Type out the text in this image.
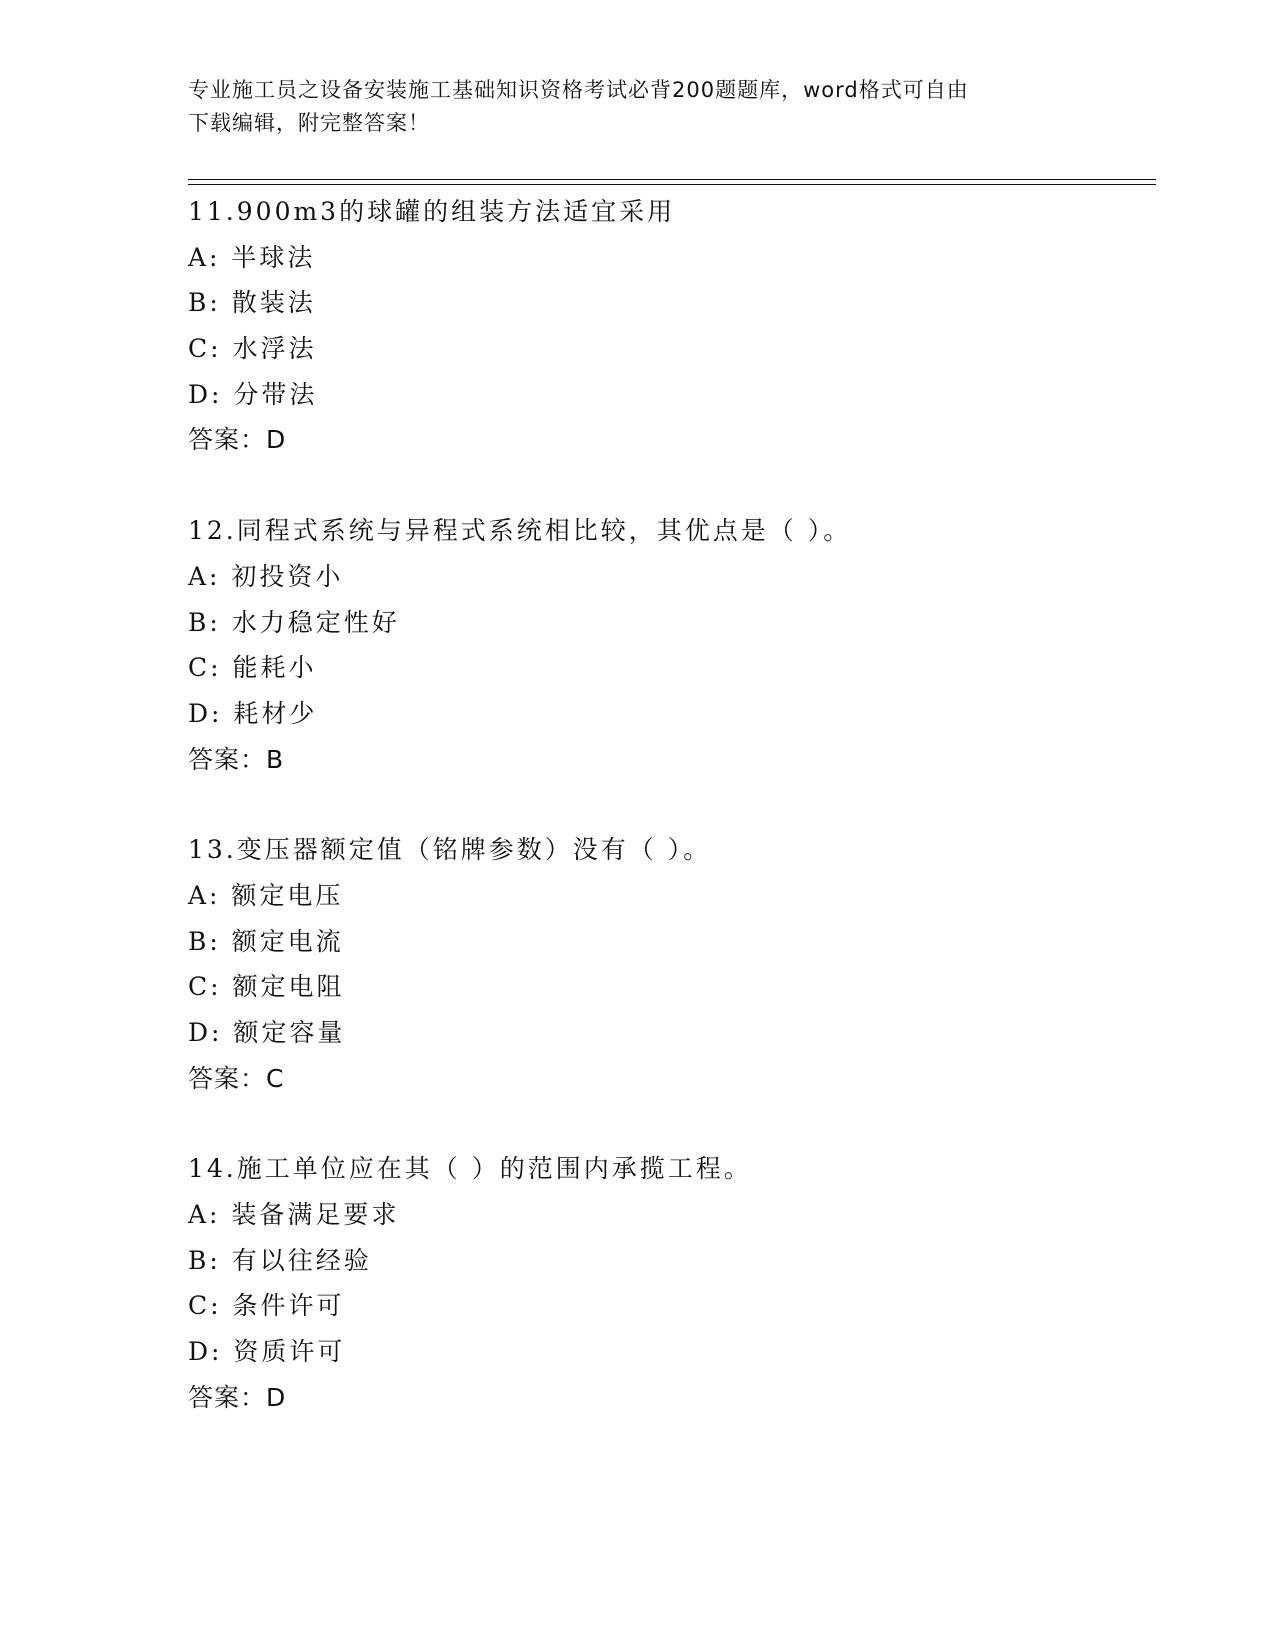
专业施工员之设备安装施工基础知识资格考试必背200题题库，word格式可自由
下载编辑，附完整答案！
11.900m3的球罐的组装方法适宜采用
A: 半球法
B: 散装法
C: 水浮法
D: 分带法
答案：D
12.同程式系统与异程式系统相比较，其优点是（ ）。
A: 初投资小
B: 水力稳定性好
C: 能耗小
D: 耗材少
答案：B
13.变压器额定值（铭牌参数）没有（ ）。
A: 额定电压
B: 额定电流
C: 额定电阻
D: 额定容量
答案：C
14.施工单位应在其（ ）的范围内承揽工程。
A: 装备满足要求
B: 有以往经验
C: 条件许可
D: 资质许可
答案：D
